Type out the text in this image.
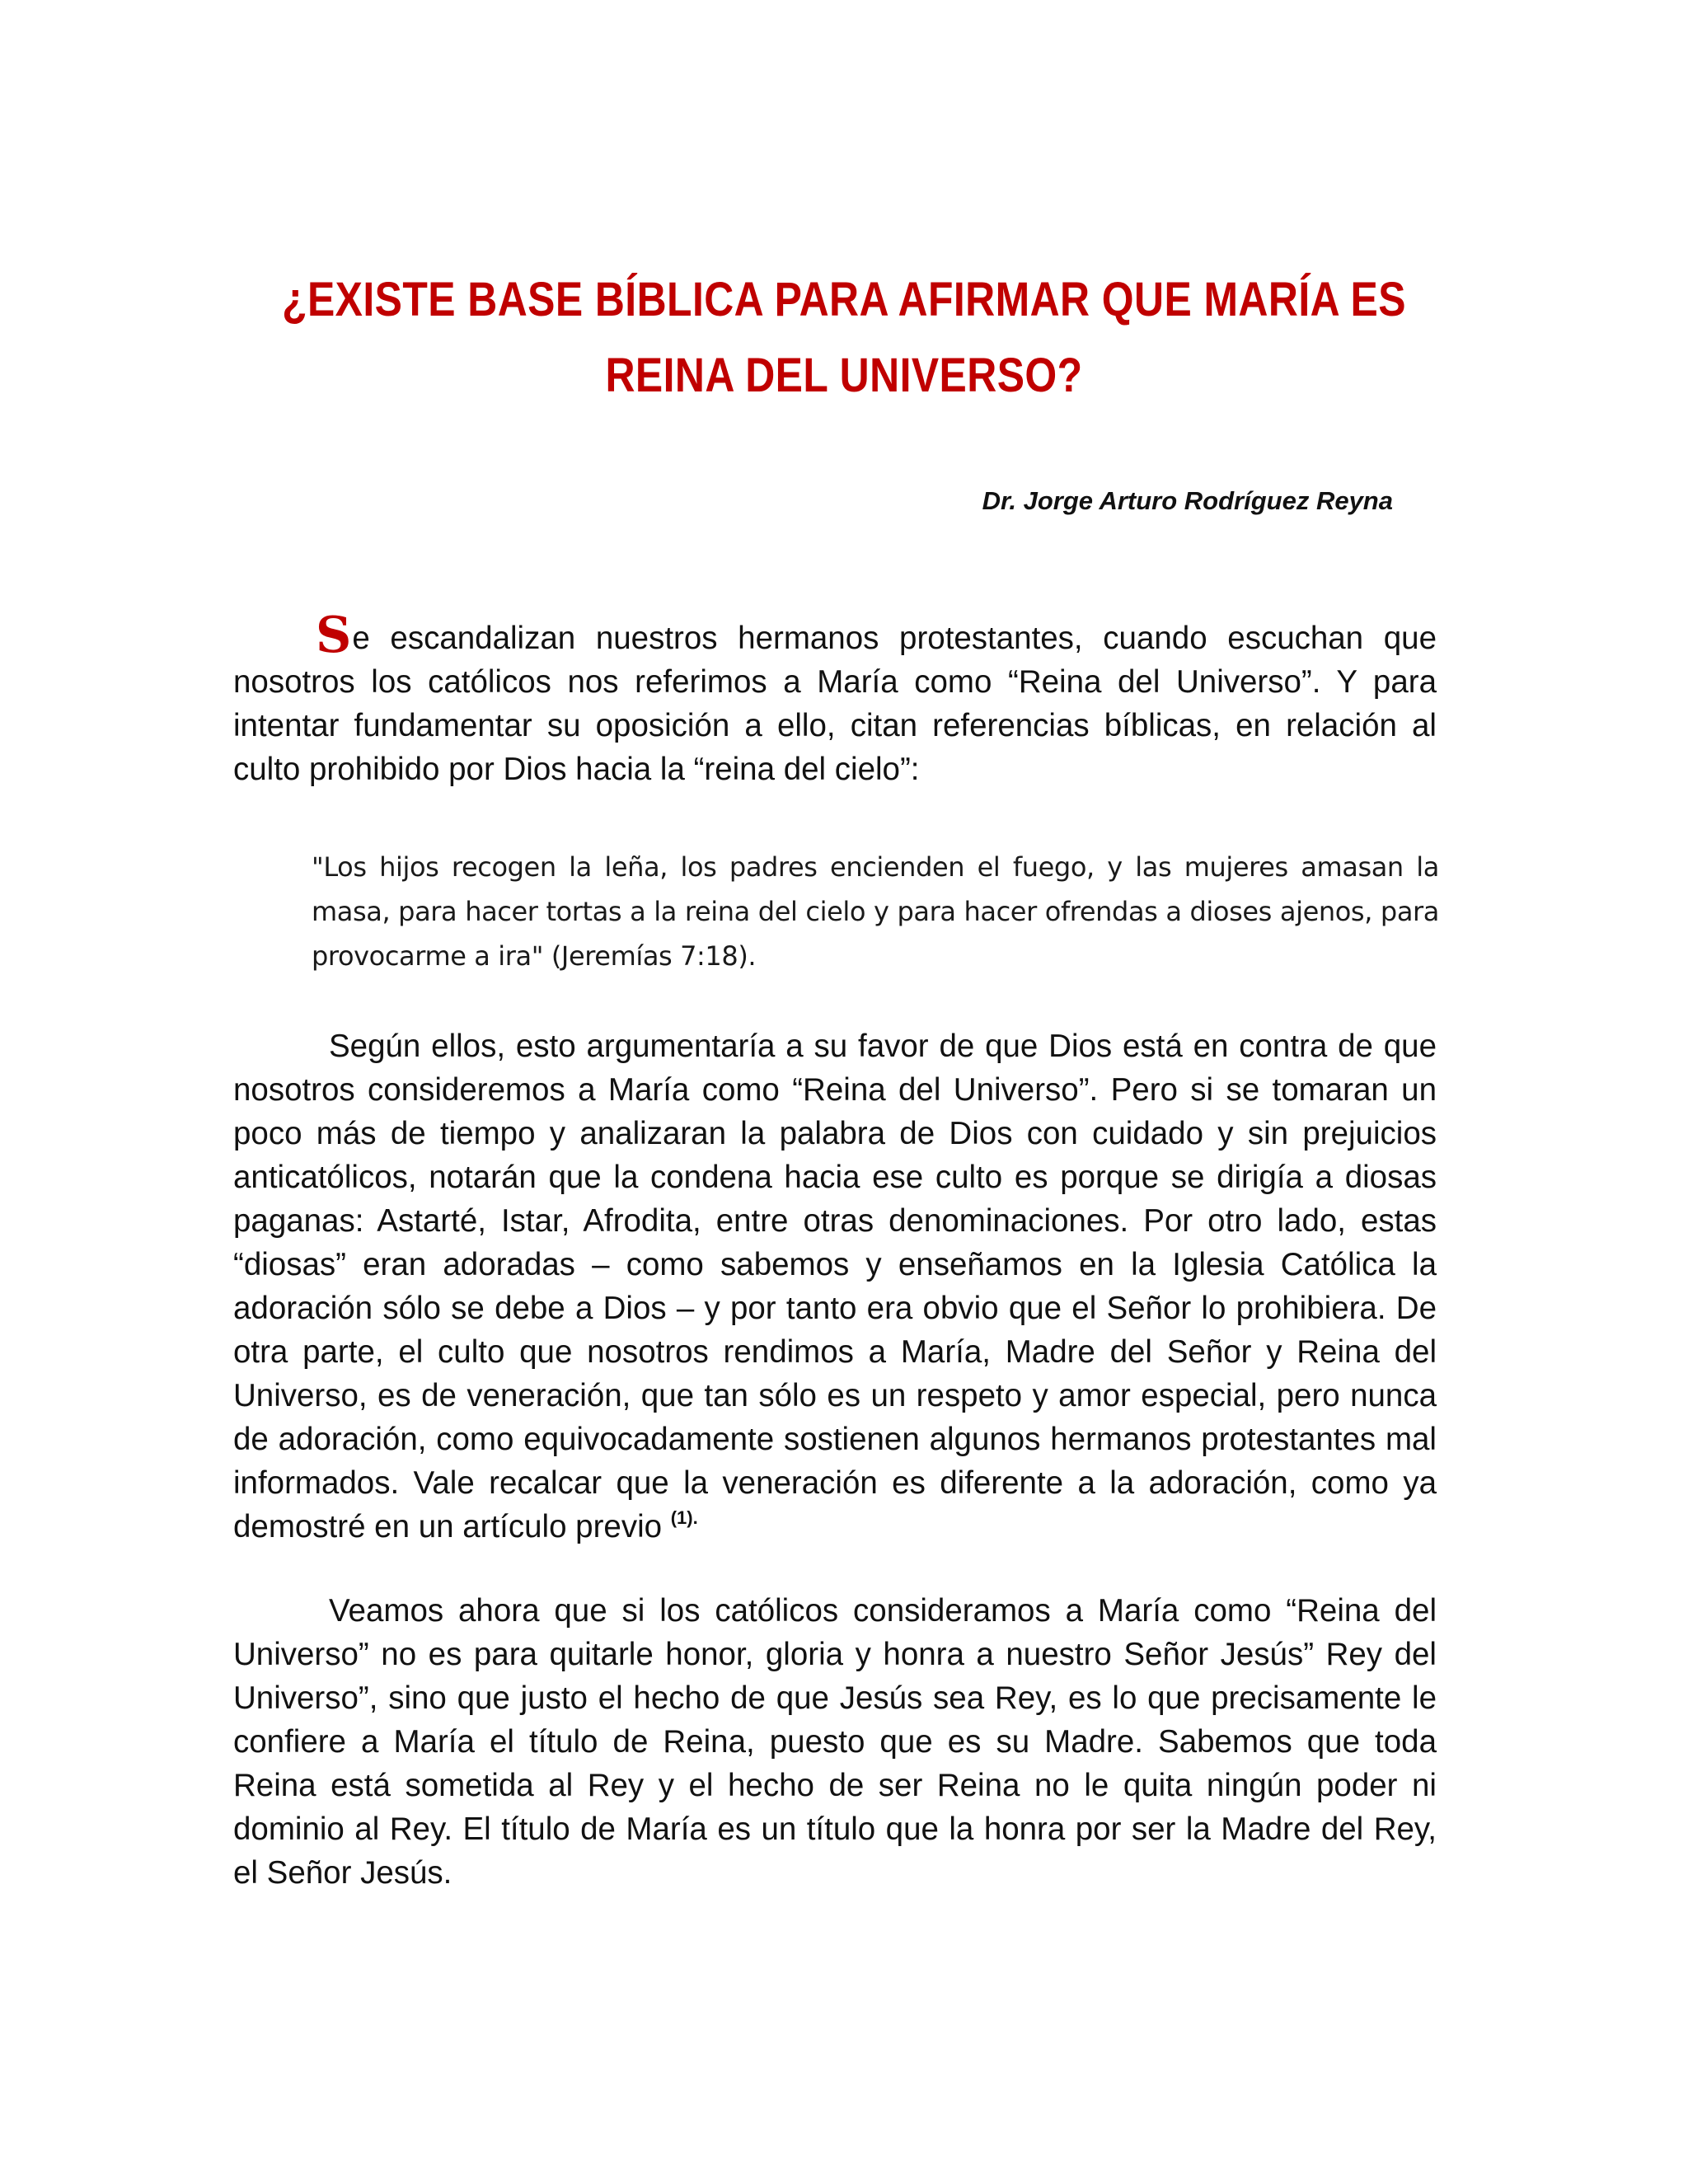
¿EXISTE BASE BÍBLICA PARA AFIRMAR QUE MARÍA ES
REINA DEL UNIVERSO?
Dr. Jorge Arturo Rodríguez Reyna

Se escandalizan nuestros hermanos protestantes, cuando escuchan que nosotros los católicos nos referimos a María como “Reina del Universo”. Y para intentar fundamentar su oposición a ello, citan referencias bíblicas, en relación al culto prohibido por Dios hacia la “reina del cielo”:

"Los hijos recogen la leña, los padres encienden el fuego, y las mujeres amasan la masa, para hacer tortas a la reina del cielo y para hacer ofrendas a dioses ajenos, para provocarme a ira" (Jeremías 7:18).

Según ellos, esto argumentaría a su favor de que Dios está en contra de que nosotros consideremos a María como “Reina del Universo”. Pero si se tomaran un poco más de tiempo y analizaran la palabra de Dios con cuidado y sin prejuicios anticatólicos, notarán que la condena hacia ese culto es porque se dirigía a diosas paganas: Astarté, Istar, Afrodita, entre otras denominaciones. Por otro lado, estas “diosas” eran adoradas – como sabemos y enseñamos en la Iglesia Católica la adoración sólo se debe a Dios – y por tanto era obvio que el Señor lo prohibiera. De otra parte, el culto que nosotros rendimos a María, Madre del Señor y Reina del Universo, es de veneración, que tan sólo es un respeto y amor especial, pero nunca de adoración, como equivocadamente sostienen algunos hermanos protestantes mal informados. Vale recalcar que la veneración es diferente a la adoración, como ya demostré en un artículo previo $^{(1).}$

Veamos ahora que si los católicos consideramos a María como “Reina del Universo” no es para quitarle honor, gloria y honra a nuestro Señor Jesús” Rey del Universo”, sino que justo el hecho de que Jesús sea Rey, es lo que precisamente le confiere a María el título de Reina, puesto que es su Madre. Sabemos que toda Reina está sometida al Rey y el hecho de ser Reina no le quita ningún poder ni dominio al Rey. El título de María es un título que la honra por ser la Madre del Rey, el Señor Jesús.
